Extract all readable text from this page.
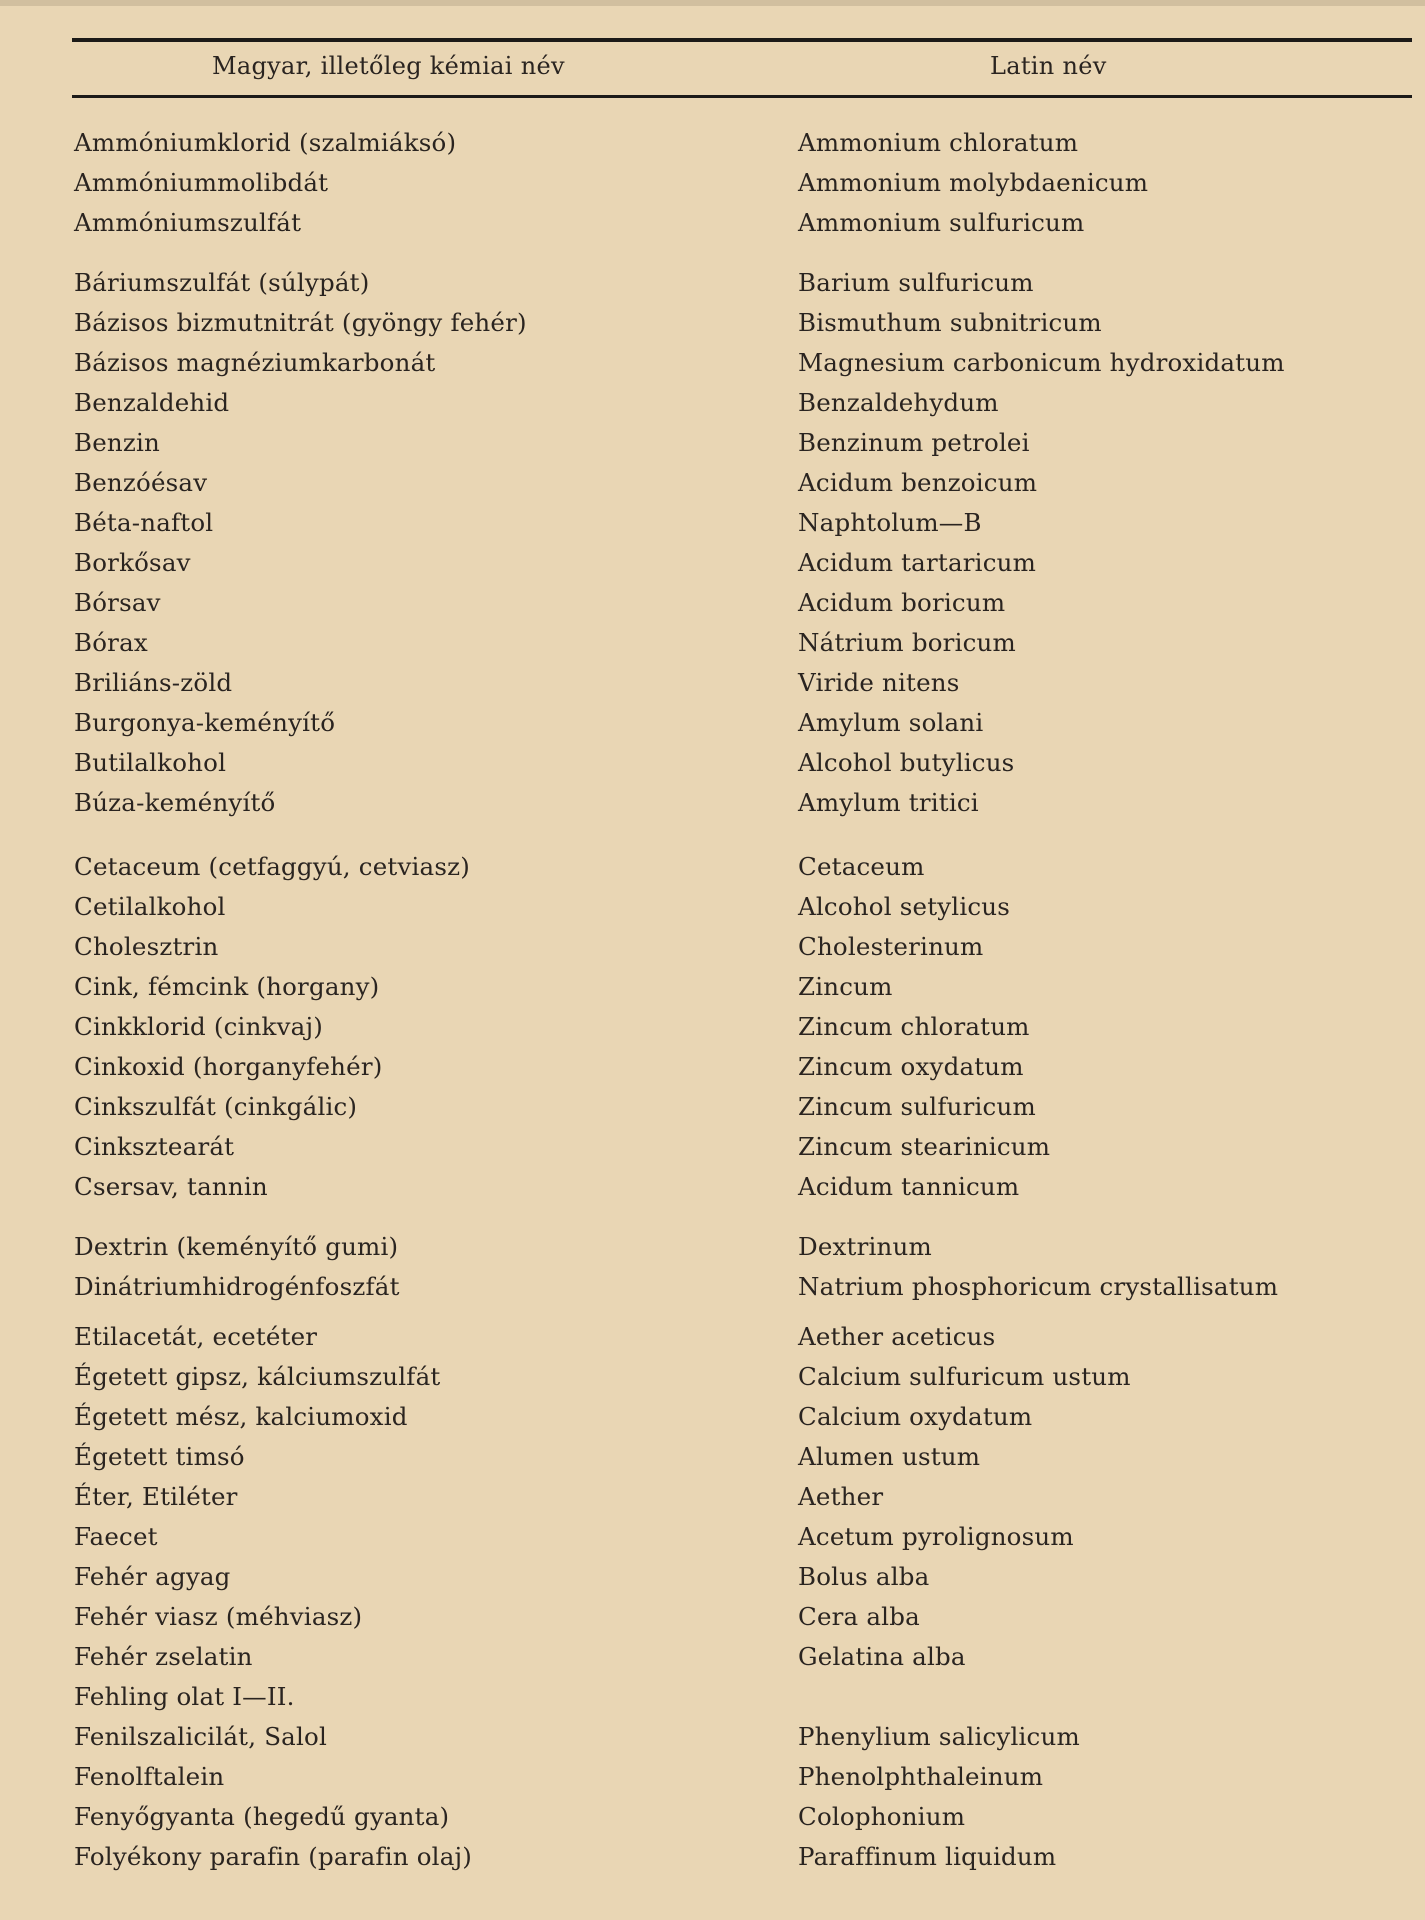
Magyar, illetőleg kémiai név	Latin név
Ammóniumklorid (szalmiáksó)	Ammonium chloratum
Ammóniummolibdát	Ammonium molybdaenicum
Ammóniumszulfát	Ammonium sulfuricum
Báriumszulfát (súlypát)	Barium sulfuricum
Bázisos bizmutnitrát (gyöngy fehér)	Bismuthum subnitricum
Bázisos magnéziumkarbonát	Magnesium carbonicum hydroxidatum
Benzaldehid	Benzaldehydum
Benzin	Benzinum petrolei
Benzóésav	Acidum benzoicum
Béta-naftol	Naphtolum—B
Borkősav	Acidum tartaricum
Bórsav	Acidum boricum
Bórax	Nátrium boricum
Briliáns-zöld	Viride nitens
Burgonya-keményítő	Amylum solani
Butilalkohol	Alcohol butylicus
Búza-keményítő	Amylum tritici
Cetaceum (cetfaggyú, cetviasz)	Cetaceum
Cetilalkohol	Alcohol setylicus
Cholesztrin	Cholesterinum
Cink, fémcink (horgany)	Zincum
Cinkklorid (cinkvaj)	Zincum chloratum
Cinkoxid (horganyfehér)	Zincum oxydatum
Cinkszulfát (cinkgálic)	Zincum sulfuricum
Cinksztearát	Zincum stearinicum
Csersav, tannin	Acidum tannicum
Dextrin (keményítő gumi)	Dextrinum
Dinátriumhidrogénfoszfát	Natrium phosphoricum crystallisatum
Etilacetát, ecetéter	Aether aceticus
Égetett gipsz, kálciumszulfát	Calcium sulfuricum ustum
Égetett mész, kalciumoxid	Calcium oxydatum
Égetett timsó	Alumen ustum
Éter, Etiléter	Aether
Faecet	Acetum pyrolignosum
Fehér agyag	Bolus alba
Fehér viasz (méhviasz)	Cera alba
Fehér zselatin	Gelatina alba
Fehling olat I—II.
Fenilszalicilát, Salol	Phenylium salicylicum
Fenolftalein	Phenolphthaleinum
Fenyőgyanta (hegedű gyanta)	Colophonium
Folyékony parafin (parafin olaj)	Paraffinum liquidum
